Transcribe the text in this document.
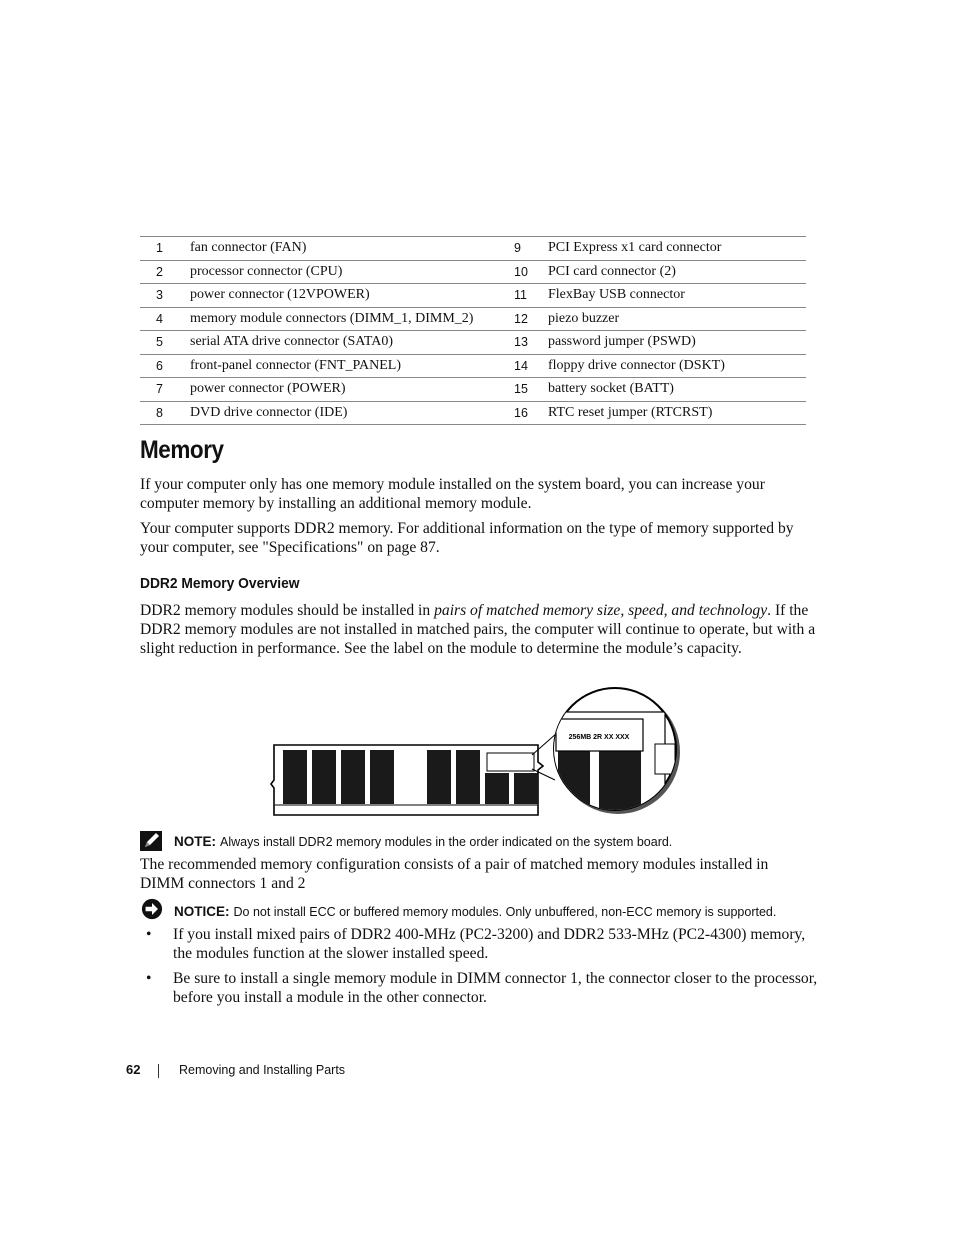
1	fan connector (FAN)	9	PCI Express x1 card connector
2	processor connector (CPU)	10	PCI card connector (2)
3	power connector (12VPOWER)	11	FlexBay USB connector
4	memory module connectors (DIMM_1, DIMM_2)	12	piezo buzzer
5	serial ATA drive connector (SATA0)	13	password jumper (PSWD)
6	front-panel connector (FNT_PANEL)	14	floppy drive connector (DSKT)
7	power connector (POWER)	15	battery socket (BATT)
8	DVD drive connector (IDE)	16	RTC reset jumper (RTCRST)
Memory

If your computer only has one memory module installed on the system board, you can increase your computer memory by installing an additional memory module.

Your computer supports DDR2 memory. For additional information on the type of memory supported by your computer, see "Specifications" on page 87.

DDR2 Memory Overview

DDR2 memory modules should be installed in pairs of matched memory size, speed, and technology. If the DDR2 memory modules are not installed in matched pairs, the computer will continue to operate, but with a slight reduction in performance. See the label on the module to determine the module’s capacity.

256MB 2R XX XXX
NOTE: Always install DDR2 memory modules in the order indicated on the system board.

The recommended memory configuration consists of a pair of matched memory modules installed in DIMM connectors 1 and 2

NOTICE: Do not install ECC or buffered memory modules. Only unbuffered, non-ECC memory is supported.
• If you install mixed pairs of DDR2 400-MHz (PC2-3200) and DDR2 533-MHz (PC2-4300) memory, the modules function at the slower installed speed.
• Be sure to install a single memory module in DIMM connector 1, the connector closer to the processor, before you install a module in the other connector.
62	Removing and Installing Parts
